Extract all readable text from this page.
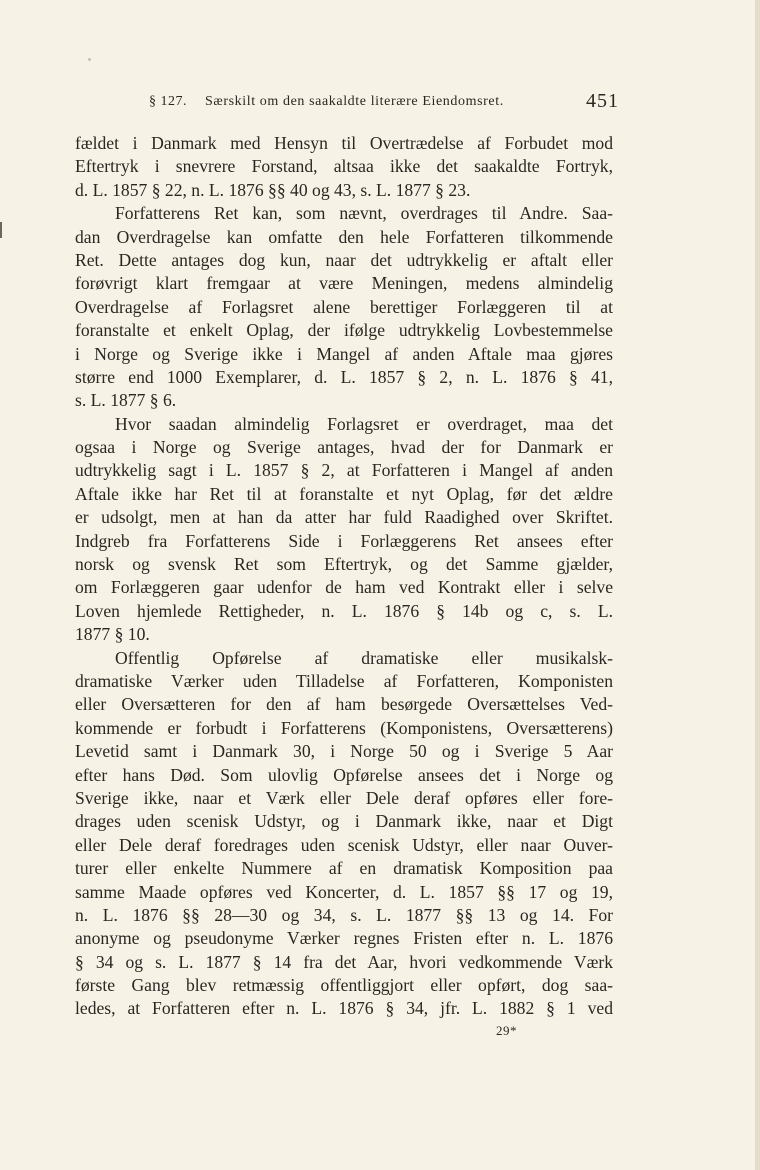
§ 127. Særskilt om den saakaldte literære Eiendomsret.	451
fældet i Danmark med Hensyn til Overtrædelse af Forbudet mod
Eftertryk i snevrere Forstand, altsaa ikke det saakaldte Fortryk,
d. L. 1857 § 22, n. L. 1876 §§ 40 og 43, s. L. 1877 § 23.
Forfatterens Ret kan, som nævnt, overdrages til Andre. Saa-
dan Overdragelse kan omfatte den hele Forfatteren tilkommende
Ret. Dette antages dog kun, naar det udtrykkelig er aftalt eller
forøvrigt klart fremgaar at være Meningen, medens almindelig
Overdragelse af Forlagsret alene berettiger Forlæggeren til at
foranstalte et enkelt Oplag, der ifølge udtrykkelig Lovbestemmelse
i Norge og Sverige ikke i Mangel af anden Aftale maa gjøres
større end 1000 Exemplarer, d. L. 1857 § 2, n. L. 1876 § 41,
s. L. 1877 § 6.
Hvor saadan almindelig Forlagsret er overdraget, maa det
ogsaa i Norge og Sverige antages, hvad der for Danmark er
udtrykkelig sagt i L. 1857 § 2, at Forfatteren i Mangel af anden
Aftale ikke har Ret til at foranstalte et nyt Oplag, før det ældre
er udsolgt, men at han da atter har fuld Raadighed over Skriftet.
Indgreb fra Forfatterens Side i Forlæggerens Ret ansees efter
norsk og svensk Ret som Eftertryk, og det Samme gjælder,
om Forlæggeren gaar udenfor de ham ved Kontrakt eller i selve
Loven hjemlede Rettigheder, n. L. 1876 § 14b og c, s. L.
1877 § 10.
Offentlig Opførelse af dramatiske eller musikalsk-
dramatiske Værker uden Tilladelse af Forfatteren, Komponisten
eller Oversætteren for den af ham besørgede Oversættelses Ved-
kommende er forbudt i Forfatterens (Komponistens, Oversætterens)
Levetid samt i Danmark 30, i Norge 50 og i Sverige 5 Aar
efter hans Død. Som ulovlig Opførelse ansees det i Norge og
Sverige ikke, naar et Værk eller Dele deraf opføres eller fore-
drages uden scenisk Udstyr, og i Danmark ikke, naar et Digt
eller Dele deraf foredrages uden scenisk Udstyr, eller naar Ouver-
turer eller enkelte Nummere af en dramatisk Komposition paa
samme Maade opføres ved Koncerter, d. L. 1857 §§ 17 og 19,
n. L. 1876 §§ 28—30 og 34, s. L. 1877 §§ 13 og 14. For
anonyme og pseudonyme Værker regnes Fristen efter n. L. 1876
§ 34 og s. L. 1877 § 14 fra det Aar, hvori vedkommende Værk
første Gang blev retmæssig offentliggjort eller opført, dog saa-
ledes, at Forfatteren efter n. L. 1876 § 34, jfr. L. 1882 § 1 ved
29*
